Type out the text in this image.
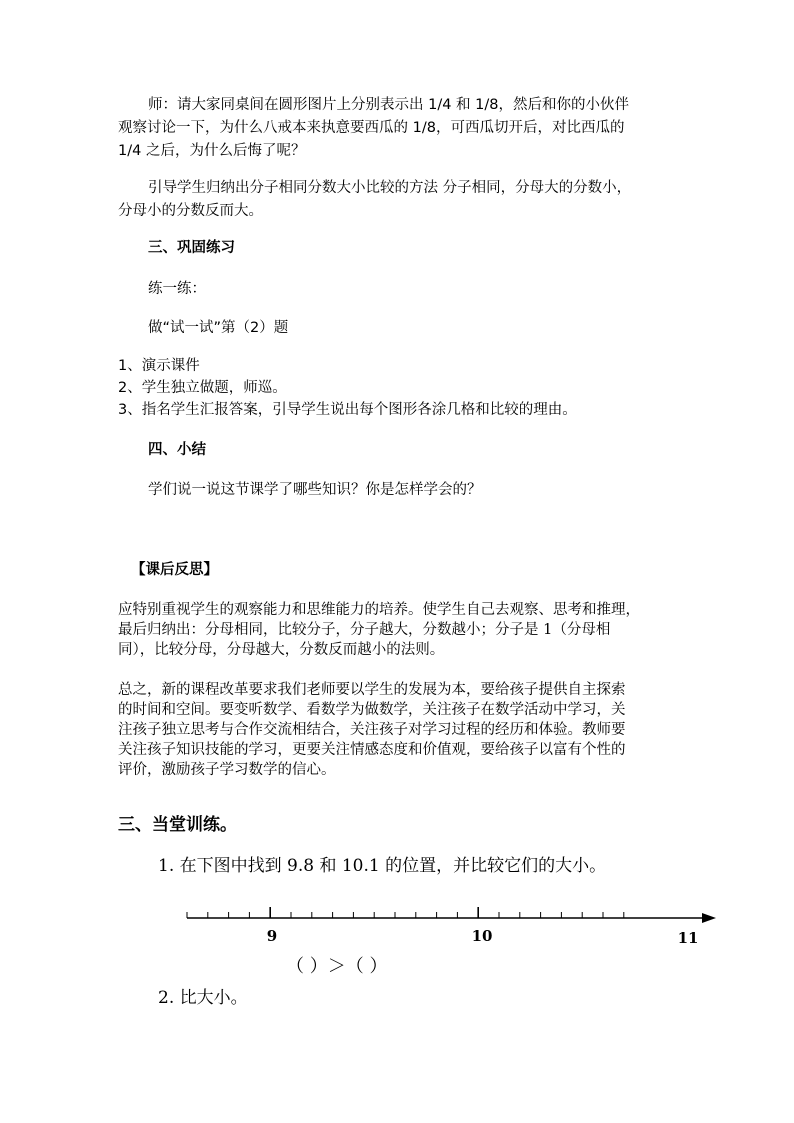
师：请大家同桌间在圆形图片上分别表示出 1/4 和 1/8，然后和你的小伙伴
观察讨论一下，为什么八戒本来执意要西瓜的 1/8，可西瓜切开后，对比西瓜的
1/4 之后，为什么后悔了呢？
引导学生归纳出分子相同分数大小比较的方法 分子相同，分母大的分数小，
分母小的分数反而大。
三、巩固练习
练一练：
做“试一试”第（2）题
1、演示课件
2、学生独立做题，师巡。
3、指名学生汇报答案，引导学生说出每个图形各涂几格和比较的理由。
四、小结
学们说一说这节课学了哪些知识？你是怎样学会的？
【课后反思】
应特别重视学生的观察能力和思维能力的培养。使学生自己去观察、思考和推理，
最后归纳出：分母相同，比较分子，分子越大，分数越小；分子是 1（分母相
同），比较分母，分母越大，分数反而越小的法则。
总之，新的课程改革要求我们老师要以学生的发展为本，要给孩子提供自主探索
的时间和空间。要变听数学、看数学为做数学，关注孩子在数学活动中学习，关
注孩子独立思考与合作交流相结合，关注孩子对学习过程的经历和体验。教师要
关注孩子知识技能的学习，更要关注情感态度和价值观，要给孩子以富有个性的
评价，激励孩子学习数学的信心。
三、当堂训练。
1. 在下图中找到 9.8 和 10.1 的位置，并比较它们的大小。
9	10	11
（ ）＞（ ）
2. 比大小。
